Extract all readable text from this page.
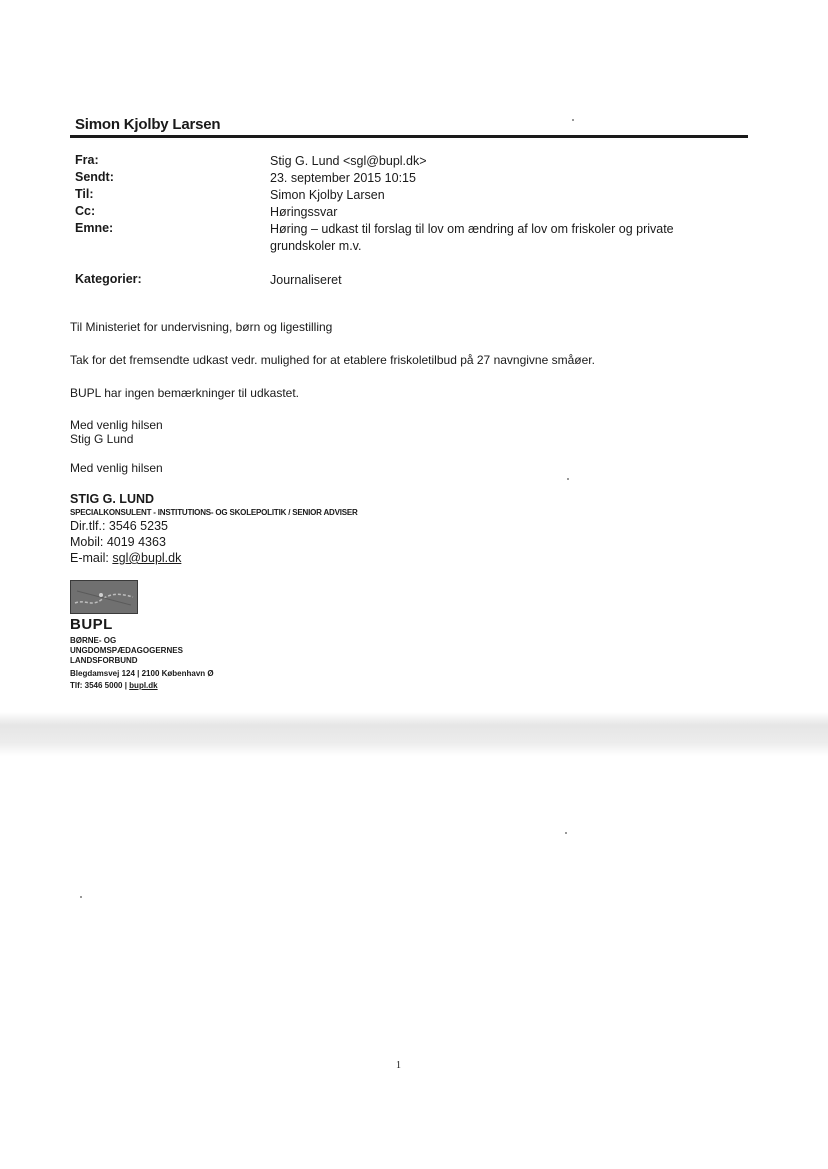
Simon Kjolby Larsen
Fra:	Stig G. Lund <sgl@bupl.dk>
Sendt:	23. september 2015 10:15
Til:	Simon Kjolby Larsen
Cc:	Høringssvar
Emne:	Høring – udkast til forslag til lov om ændring af lov om friskoler og private grundskoler m.v.
Kategorier:	Journaliseret
Til Ministeriet for undervisning, børn og ligestilling
Tak for det fremsendte udkast vedr. mulighed for at etablere friskoletilbud på 27 navngivne småøer.
BUPL har ingen bemærkninger til udkastet.
Med venlig hilsen
Stig G Lund
Med venlig hilsen
STIG G. LUND
SPECIALKONSULENT - INSTITUTIONS- OG SKOLEPOLITIK / SENIOR ADVISER
Dir.tlf.: 3546 5235
Mobil: 4019 4363
E-mail: sgl@bupl.dk
BUPL
BØRNE- OG
UNGDOMSPÆDAGOGERNES
LANDSFORBUND
Blegdamsvej 124 | 2100 København Ø
Tlf: 3546 5000 | bupl.dk
1
